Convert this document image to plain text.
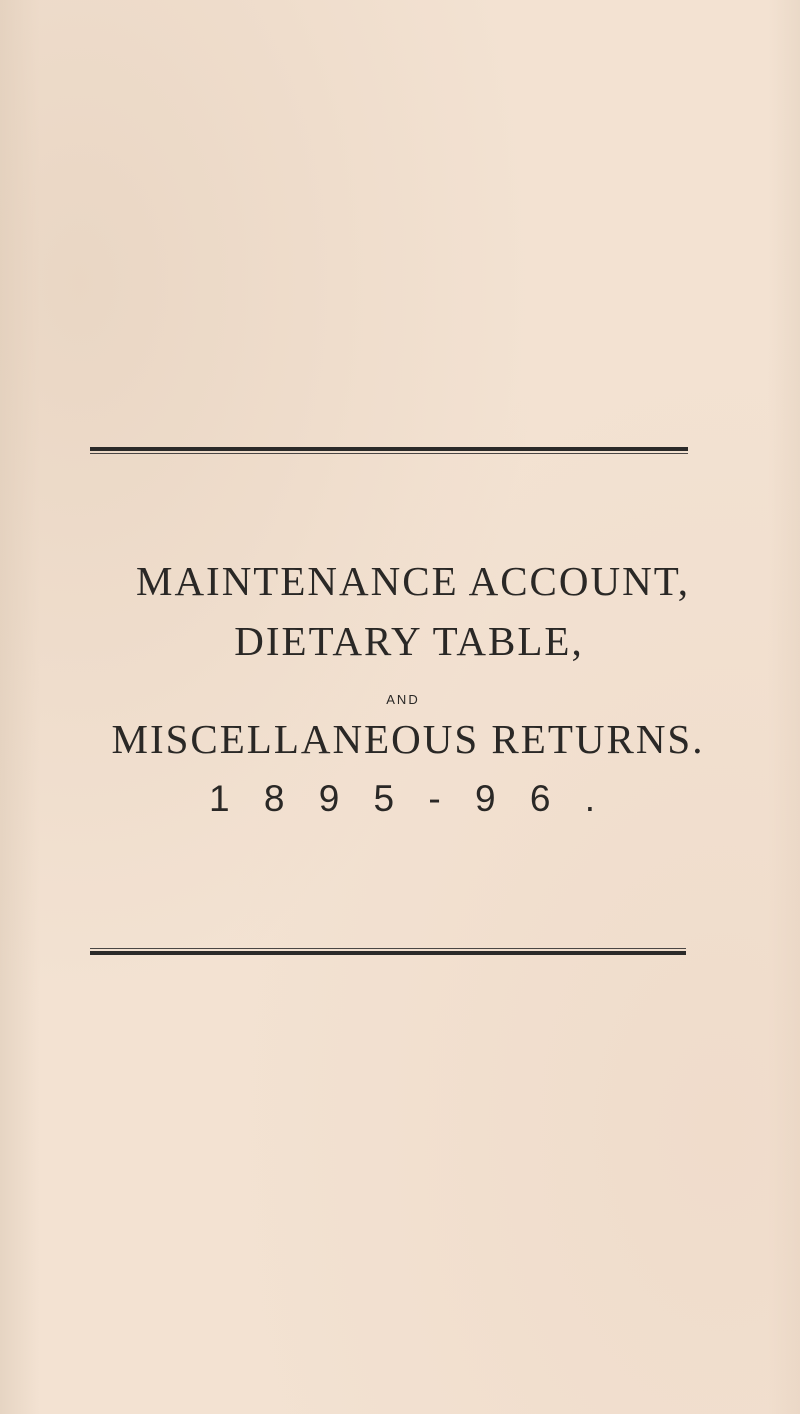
MAINTENANCE ACCOUNT,
DIETARY TABLE,
AND
MISCELLANEOUS RETURNS.
1 8 9 5 - 9 6 .
